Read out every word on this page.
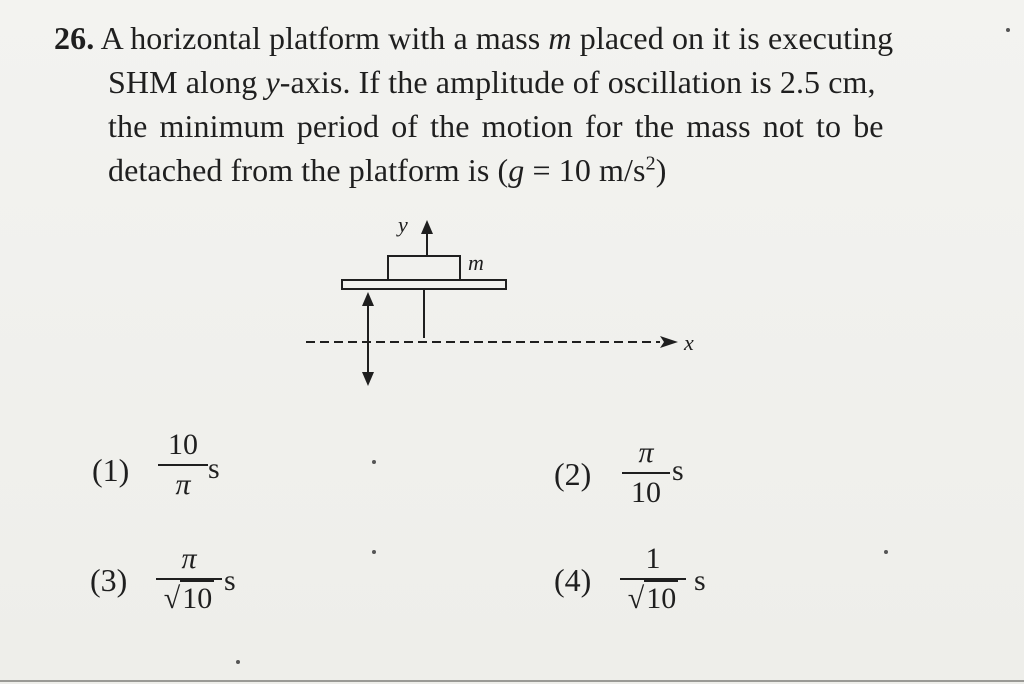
26. A horizontal platform with a mass m placed on it is executing
SHM along y-axis. If the amplitude of oscillation is 2.5 cm,
the minimum period of the motion for the mass not to be
detached from the platform is (g = 10 $m/s^2$)
y
m
x
(1)
10
π s	(2)
π
10
s
(3)
π
√10
s	(4)
1
√10
s
